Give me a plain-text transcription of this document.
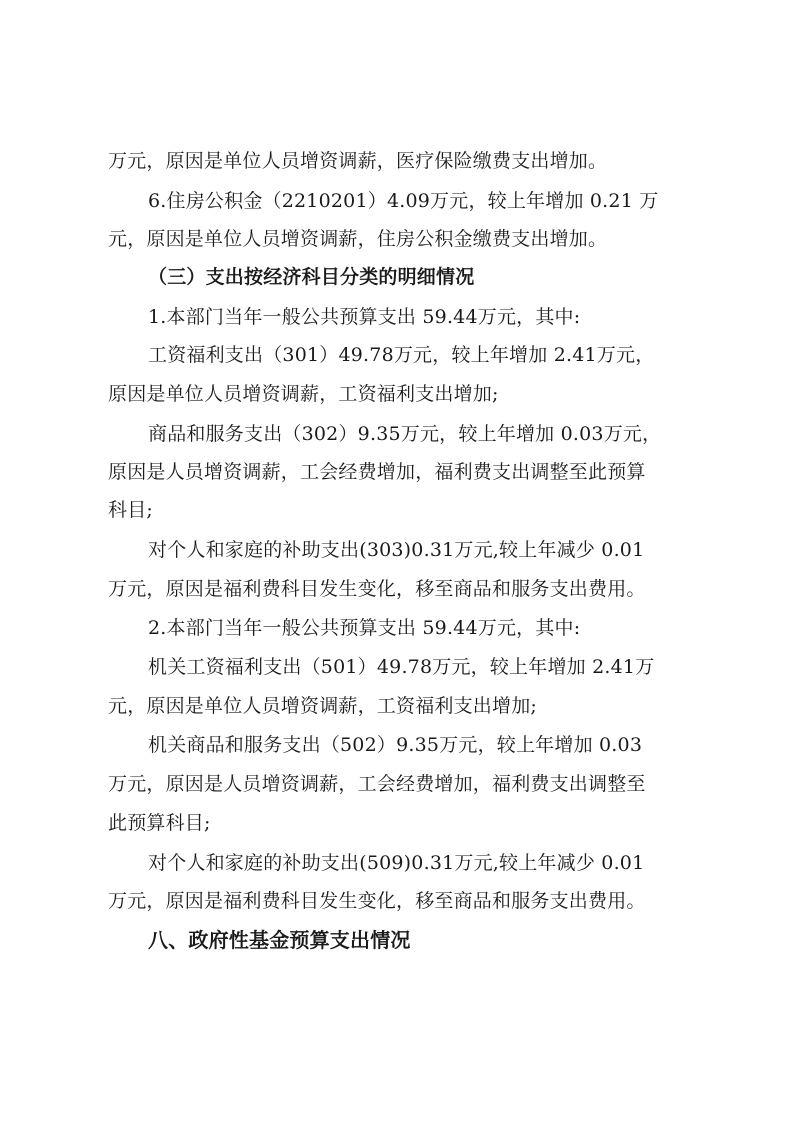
万元，原因是单位人员增资调薪，医疗保险缴费支出增加。
6.住房公积金（2210201）4.09万元，较上年增加 0.21 万
元，原因是单位人员增资调薪，住房公积金缴费支出增加。
（三）支出按经济科目分类的明细情况
1.本部门当年一般公共预算支出 59.44万元，其中:
工资福利支出（301）49.78万元，较上年增加 2.41万元，
原因是单位人员增资调薪，工资福利支出增加;
商品和服务支出（302）9.35万元，较上年增加 0.03万元，
原因是人员增资调薪，工会经费增加，福利费支出调整至此预算
科目;
对个人和家庭的补助支出(303)0.31万元,较上年减少 0.01
万元，原因是福利费科目发生变化，移至商品和服务支出费用。
2.本部门当年一般公共预算支出 59.44万元，其中:
机关工资福利支出（501）49.78万元，较上年增加 2.41万
元，原因是单位人员增资调薪，工资福利支出增加;
机关商品和服务支出（502）9.35万元，较上年增加 0.03
万元，原因是人员增资调薪，工会经费增加，福利费支出调整至
此预算科目;
对个人和家庭的补助支出(509)0.31万元,较上年减少 0.01
万元，原因是福利费科目发生变化，移至商品和服务支出费用。
八、政府性基金预算支出情况
